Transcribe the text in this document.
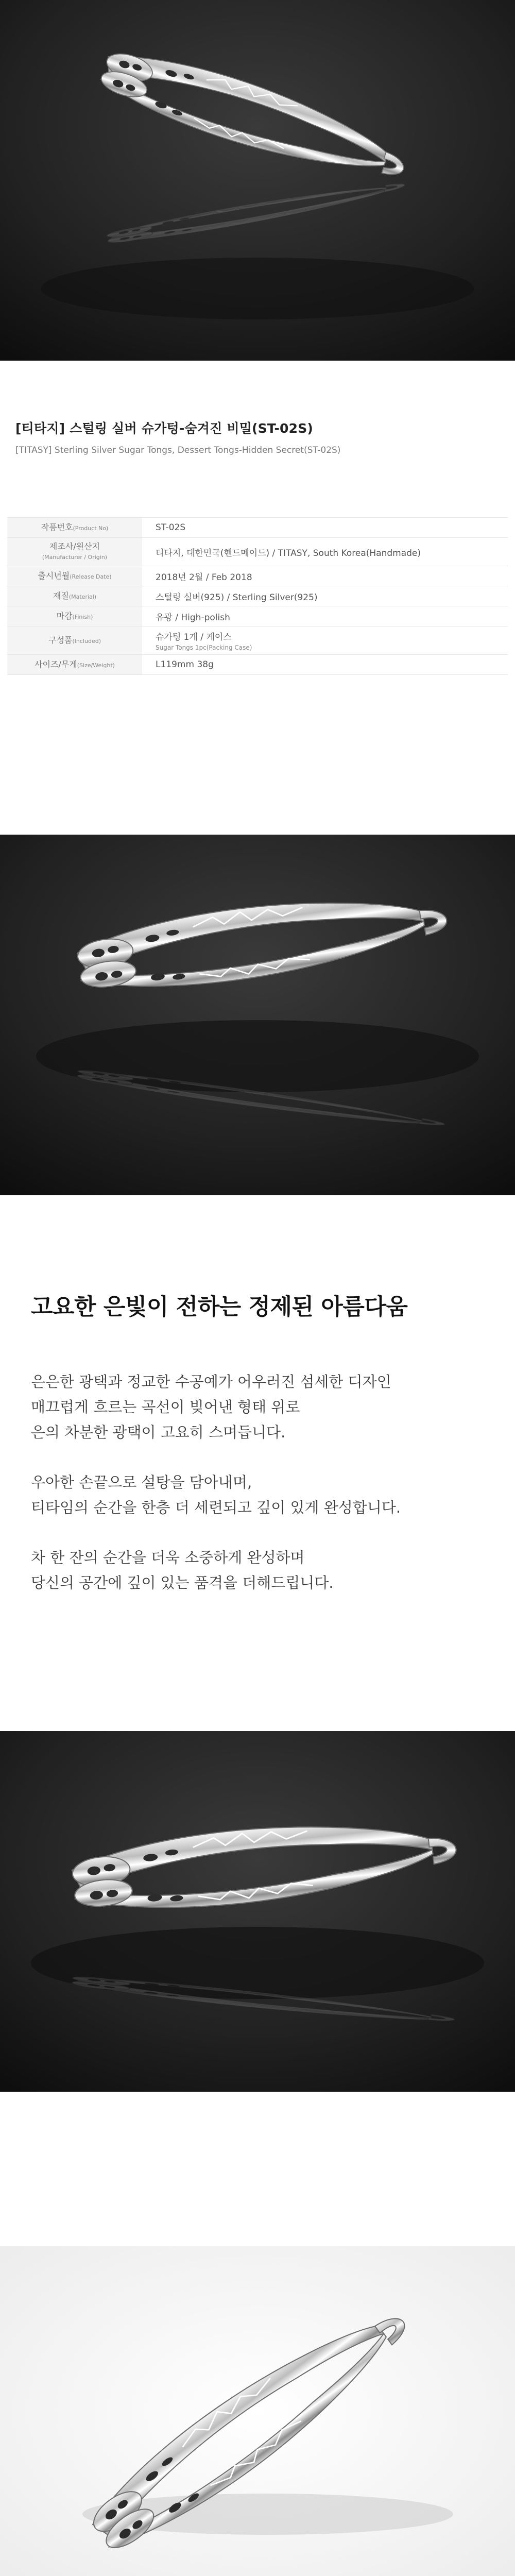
[티타지] 스털링 실버 슈가텅-숨겨진 비밀(ST-02S)
[TITASY] Sterling Silver Sugar Tongs, Dessert Tongs-Hidden Secret(ST-02S)
작품번호(Product No)	ST-02S
제조사/원산지
(Manufacturer / Origin)	티타지, 대한민국(핸드메이드) / TITASY, South Korea(Handmade)
출시년월(Release Date)	2018년 2월 / Feb 2018
재질(Material)	스털링 실버(925) / Sterling Silver(925)
마감(Finish)	유광 / High-polish
구성품(Included)	슈가텅 1개 / 케이스
Sugar Tongs 1pc(Packing Case)

사이즈/무게(Size/Weight)	L119mm 38g
고요한 은빛이 전하는 정제된 아름다움

은은한 광택과 정교한 수공예가 어우러진 섬세한 디자인
매끄럽게 흐르는 곡선이 빚어낸 형태 위로
은의 차분한 광택이 고요히 스며듭니다.

우아한 손끝으로 설탕을 담아내며,
티타임의 순간을 한층 더 세련되고 깊이 있게 완성합니다.

차 한 잔의 순간을 더욱 소중하게 완성하며
당신의 공간에 깊이 있는 품격을 더해드립니다.
